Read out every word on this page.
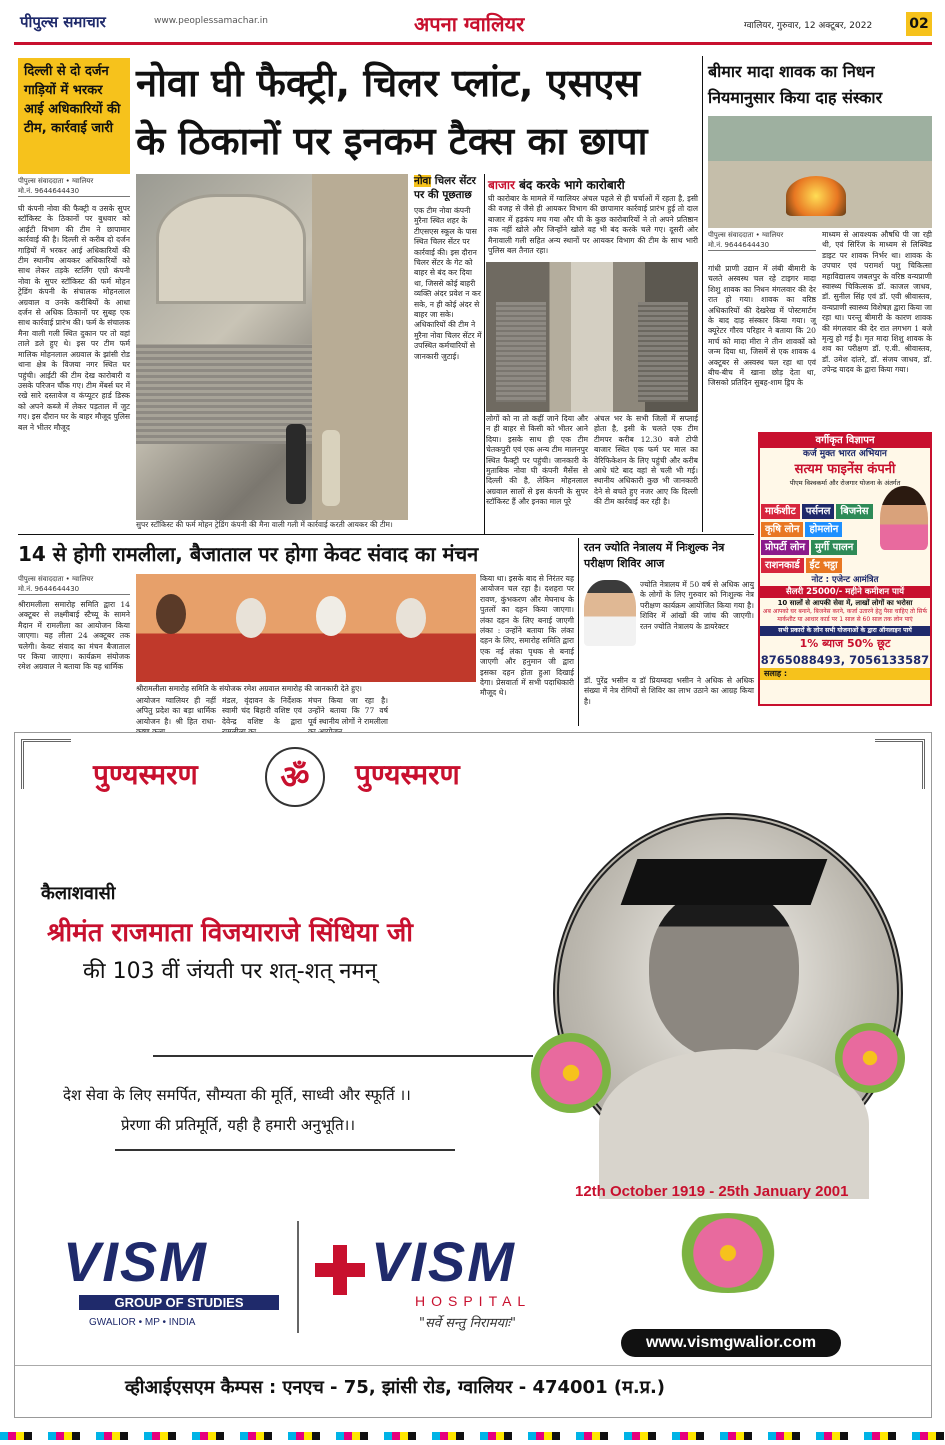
पीपुल्स समाचार	www.peoplessamachar.in	अपना ग्वालियर	ग्वालियर, गुरुवार, 12 अक्टूबर, 2022	02
दिल्ली से दो दर्जन गाड़ियों में भरकर आई अधिकारियों की टीम, कार्रवाई जारी
नोवा घी फैक्ट्री, चिलर प्लांट, एसएस
के ठिकानों पर इनकम टैक्स का छापा
पीपुल्स संवाददाता • ग्वालियर
मो.नं. 9644644430
घी कंपनी नोवा की फैक्ट्री व उसके सुपर स्टॉकिस्ट के ठिकानों पर बुधवार को आईटी विभाग की टीम ने छापामार कार्रवाई की है। दिल्ली से करीब दो दर्जन गाड़ियों में भरकर आई अधिकारियों की टीम स्थानीय आयकर अधिकारियों को साथ लेकर तड़के स्टर्लिंग एग्रो कंपनी नोवा के सुपर स्टॉकिस्ट की फर्म मोहन ट्रेडिंग कंपनी के संचालक मोहनलाल अग्रवाल व उनके करीबियों के आधा दर्जन से अधिक ठिकानों पर सुबह एक साथ कार्रवाई प्रारंभ की। फर्म के संचालक मैना वाली गली स्थित दुकान पर तो वहां ताले डले हुए थे। इस पर टीम फर्म मालिक मोहनलाल अग्रवाल के झांसी रोड थाना क्षेत्र के विजया नगर स्थित घर पहुंची। आईटी की टीम देख कारोबारी व उसके परिजन चौंक गए। टीम मेंबर्स घर में रखे सारे दस्तावेज व कंप्यूटर हार्ड डिस्क को अपने कब्जे में लेकर पड़ताल में जुट गए। इस दौरान घर के बाहर मौजूद पुलिस बल ने भीतर मौजूद
सुपर स्टॉकिस्ट की फर्म मोहन ट्रेडिंग कंपनी की मैना वाली गली में कार्रवाई करती आयकर की टीम।
नोवा चिलर सेंटर पर की पूछताछ
एक टीम नोवा कंपनी मुरैना स्थित शहर के टीएसएस स्कूल के पास स्थित चिलर सेंटर पर कार्रवाई की। इस दौरान चिलर सेंटर के गेट को बाहर से बंद कर दिया था, जिससे कोई बाहरी व्यक्ति अंदर प्रवेश न कर सके, न ही कोई अंदर से बाहर जा सके। अधिकारियों की टीम ने मुरैना नोवा चिलर सेंटर में उपस्थित कर्मचारियों से जानकारी जुटाई।
बाजार बंद करके भागे कारोबारी
घी कारोबार के मामले में ग्वालियर अंचल पहले से ही चर्चाओं में रहता है, इसी की वजह से जैसे ही आयकर विभाग की छापामार कार्रवाई प्रारंभ हुई तो दाल बाजार में हड़कंप मच गया और घी के कुछ कारोबारियों ने तो अपने प्रतिष्ठान तक नहीं खोले और जिन्होंने खोले वह भी बंद करके चले गए। दूसरी ओर मैनावाली गली सहित अन्य स्थानों पर आयकर विभाग की टीम के साथ भारी पुलिस बल तैनात रहा।
लोगों को ना तो कहीं जाने दिया और न ही बाहर से किसी को भीतर आने दिया। इसके साथ ही एक टीम चेतकपुरी एवं एक अन्य टीम मालनपुर स्थित फैक्ट्री पर पहुंची। जानकारी के मुताबिक नोवा घी कंपनी मैसेंस से दिल्ली की है, लेकिन मोहनलाल अग्रवाल सालों से इस कंपनी के सुपर स्टॉकिस्ट हैं और इनका माल पूरे
अंचल भर के सभी जिलों में सप्लाई होता है, इसी के चलते एक टीम टीमपर करीब 12.30 बजे टोपी बाजार स्थित एक फर्म पर माल का वेरिफिकेशन के लिए पहुंची और करीब आधे घंटे बाद वहां से चली भी गई। स्थानीय अधिकारी कुछ भी जानकारी देने से बचते हुए नजर आए कि दिल्ली की टीम कार्रवाई कर रही है।
बीमार मादा शावक का निधन
नियमानुसार किया दाह संस्कार
पीपुल्स संवाददाता • ग्वालियर
मो.नं. 9644644430
गांधी प्राणी उद्यान में लंबी बीमारी के चलते अस्वस्थ चल रहे टाइगर मादा शिशु शावक का निधन मंगलवार की देर रात हो गया। शावक का वरिष्ठ अधिकारियों की देखरेख में पोस्टमार्टम के बाद दाह संस्कार किया गया। जू क्यूरेटर गौरव परिहार ने बताया कि 20 मार्च को मादा मीरा ने तीन शावकों को जन्म दिया था, जिसमें से एक शावक 4 अक्टूबर से अस्वस्थ चल रहा था एवं बीच-बीच में खाना छोड़ देता था, जिसको प्रतिदिन सुबह-शाम ड्रिप के
माध्यम से आवश्यक औषधि पी जा रही थी, एवं सिरिंज के माध्यम से लिक्विड डाइट पर शावक निर्भर था। शावक के उपचार एवं परामर्श पशु चिकित्सा महाविद्यालय जबलपुर के वरिष्ठ वन्यप्राणी स्वास्थ्य चिकित्सक डॉ. काजल जाधव, डॉ. सुनील सिंह एवं डॉ. एवी श्रीवास्तव, वन्यप्राणी स्वास्थ्य विशेषज्ञ द्वारा किया जा रहा था। परन्तु बीमारी के कारण शावक की मंगलवार की देर रात लगभग 1 बजे मृत्यु हो गई है। मृत मादा शिशु शावक के शव का परीक्षण डॉ. ए.वी. श्रीवास्तव, डॉ. उमेश दांतरे, डॉ. संजय जाधव, डॉ. उपेन्द्र यादव के द्वारा किया गया।
वर्गीकृत विज्ञापन
कर्ज मुक्त भारत अभियान
सत्यम फाइनेंस कंपनी
पीएम विश्वकर्मा और रोजगार योजना के अंतर्गत
मार्कशीट पर्सनल बिजनेसकृषि लोन होमलोनप्रोपर्टी लोन मुर्गी पालनराशनकार्ड ईंट भट्ठा
नोट : एजेन्ट आमंत्रित
सैलरी 25000/- महीने कमीशन पायें
10 सालों से आपकी सेवा में, लाखों लोगों का भरोसा
अब आपको घर बनाने, बिजनेस करने, कर्जा उतारने हेतु पैसा चाहिए तो सिर्फ मार्कशीट या आधार कार्ड पर 1 साल से 60 साल तक लोन पाएं
सभी प्रकारों के लोन सभी योजनाओं के द्वारा ऑनलाइन पायें
1% ब्याज 50% छूट
8765088493, 7056133587
सलाह :
14 से होगी रामलीला, बैजाताल पर होगा केवट संवाद का मंचन
पीपुल्स संवाददाता • ग्वालियर
मो.नं. 9644644430
श्रीरामलीला समारोह समिति द्वारा 14 अक्टूबर से लक्ष्मीबाई स्टैच्यू के सामने मैदान में रामलीला का आयोजन किया जाएगा। यह लीला 24 अक्टूबर तक चलेगी। केवट संवाद का मंचन बैजाताल पर किया जाएगा। कार्यक्रम संयोजक रमेश अग्रवाल ने बताया कि यह धार्मिक
श्रीरामलीला समारोह समिति के संयोजक रमेश अग्रवाल समारोह की जानकारी देते हुए।
आयोजन ग्वालियर ही नहीं अपितु प्रदेश का बड़ा धार्मिक आयोजन है। श्री हित राधा-
मंडल, वृंदावन के निर्देशक स्वामी चंद बिहारी वशिष्ट एवं देवेन्द्र वशिष्ट के द्वारा
मंचन किया जा रहा है। उन्होंने बताया कि 77 वर्ष पूर्व स्थानीय लोगों ने रामलीला
किया था। इसके बाद से निरंतर यह आयोजन चल रहा है। दशहरा पर रावण, कुंभकरण और मेघनाथ के पुतलों का दहन किया जाएगा। लंका दहन के लिए बनाई जाएगी लंका : उन्होंने बताया कि लंका दहन के लिए, समारोह समिति द्वारा एक नई लंका पृथक से बनाई जाएगी और हनुमान जी द्वारा इसका दहन होता हुआ दिखाई देगा। प्रेसवार्ता में सभी पदाधिकारी मौजूद थे।
रतन ज्योति नेत्रालय में निःशुल्क नेत्र परीक्षण शिविर आज
ज्योति नेत्रालय में 50 वर्ष से अधिक आयु के लोगों के लिए गुरुवार को निःशुल्क नेत्र परीक्षण कार्यक्रम आयोजित किया गया है। शिविर में आंखों की जांच की जाएगी। रतन ज्योति नेत्रालय के डायरेक्टर
डॉ. पुरेंद्र भसीन व डॉ प्रियम्वदा भसीन ने अधिक से अधिक संख्या में नेत्र रोगियों से शिविर का लाभ उठाने का आग्रह किया है।
पुण्यस्मरण	ॐ	पुण्यस्मरण
कैलाशवासी
श्रीमंत राजमाता विजयाराजे सिंधिया जी
की 103 वीं जंयती पर शत्-शत् नमन्
देश सेवा के लिए समर्पित, सौम्यता की मूर्ति, साध्वी और स्फूर्ति ।।
प्रेरणा की प्रतिमूर्ति, यही है हमारी अनुभूति।।
12th October 1919 - 25th January 2001
VISM
GROUP OF STUDIES
GWALIOR • MP • INDIA
VISM
HOSPITAL
"सर्वे सन्तु निरामयाः"
www.vismgwalior.com
व्हीआईएसएम कैम्पस : एनएच - 75, झांसी रोड, ग्वालियर - 474001 (म.प्र.)
